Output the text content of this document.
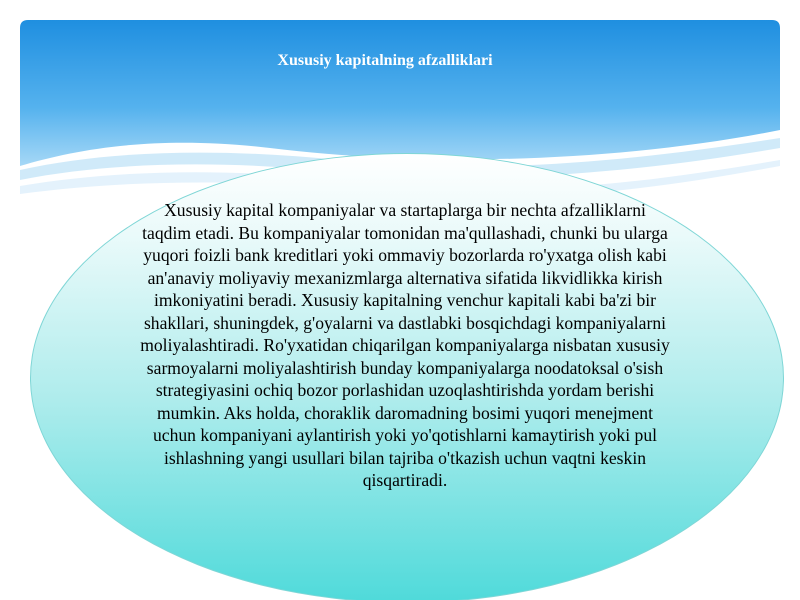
Xususiy kapitalning afzalliklari

Xususiy kapital kompaniyalar va startaplarga bir nechta afzalliklarni taqdim etadi. Bu kompaniyalar tomonidan ma'qullashadi, chunki bu ularga yuqori foizli bank kreditlari yoki ommaviy bozorlarda ro'yxatga olish kabi an'anaviy moliyaviy mexanizmlarga alternativa sifatida likvidlikka kirish imkoniyatini beradi. Xususiy kapitalning venchur kapitali kabi ba'zi bir shakllari, shuningdek, g'oyalarni va dastlabki bosqichdagi kompaniyalarni moliyalashtiradi. Ro'yxatidan chiqarilgan kompaniyalarga nisbatan xususiy sarmoyalarni moliyalashtirish bunday kompaniyalarga noodatoksal o'sish strategiyasini ochiq bozor porlashidan uzoqlashtirishda yordam berishi mumkin. Aks holda, choraklik daromadning bosimi yuqori menejment uchun kompaniyani aylantirish yoki yo'qotishlarni kamaytirish yoki pul ishlashning yangi usullari bilan tajriba o'tkazish uchun vaqtni keskin qisqartiradi.
